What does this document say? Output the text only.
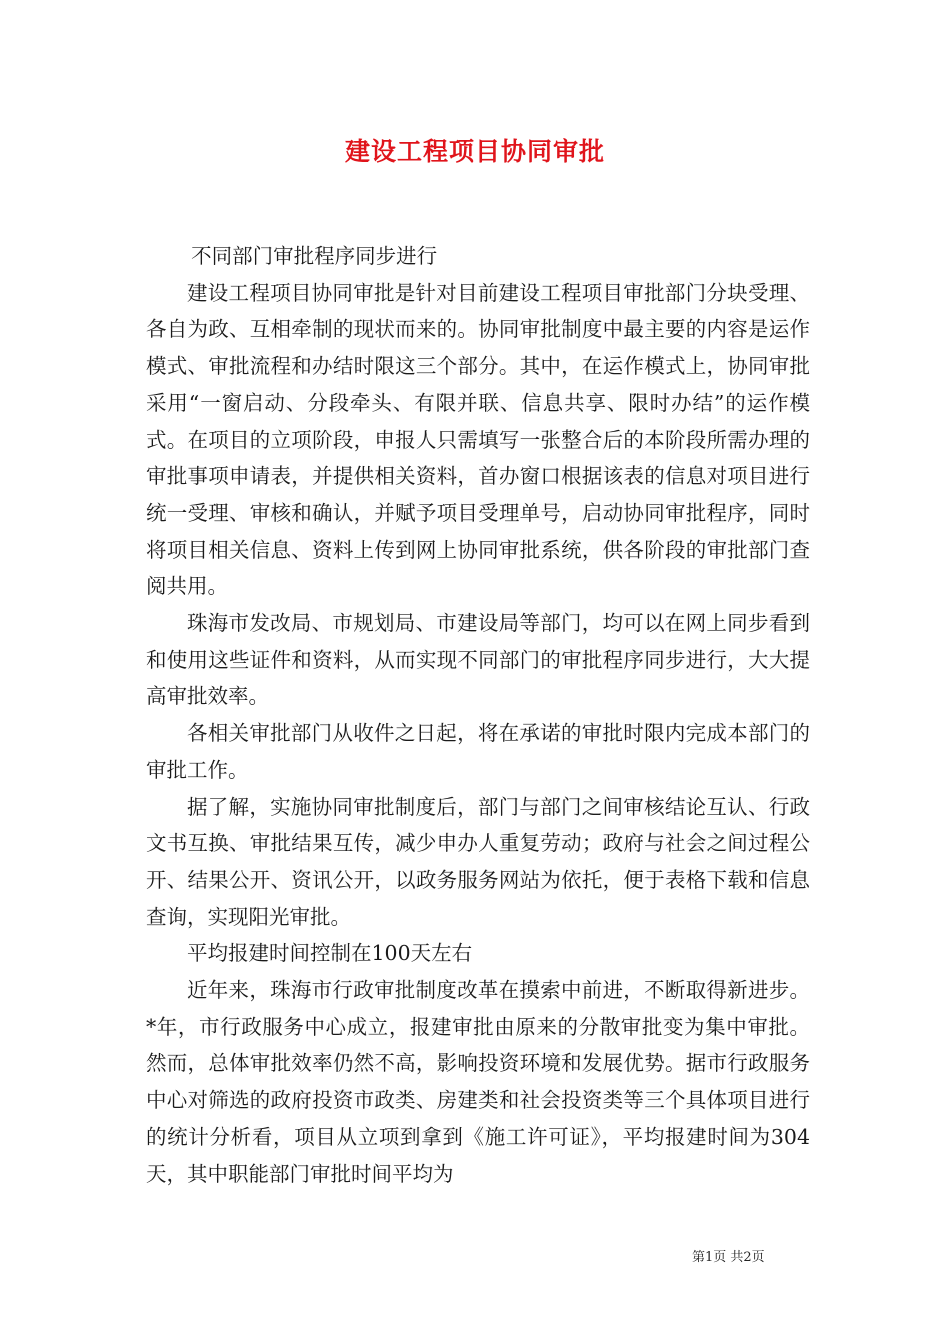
建设工程项目协同审批

不同部门审批程序同步进行

建设工程项目协同审批是针对目前建设工程项目审批部门分块受理、各自为政、互相牵制的现状而来的。协同审批制度中最主要的内容是运作模式、审批流程和办结时限这三个部分。其中，在运作模式上，协同审批采用“一窗启动、分段牵头、有限并联、信息共享、限时办结”的运作模式。在项目的立项阶段，申报人只需填写一张整合后的本阶段所需办理的审批事项申请表，并提供相关资料，首办窗口根据该表的信息对项目进行统一受理、审核和确认，并赋予项目受理单号，启动协同审批程序，同时将项目相关信息、资料上传到网上协同审批系统，供各阶段的审批部门查阅共用。

珠海市发改局、市规划局、市建设局等部门，均可以在网上同步看到和使用这些证件和资料，从而实现不同部门的审批程序同步进行，大大提高审批效率。

各相关审批部门从收件之日起，将在承诺的审批时限内完成本部门的审批工作。

据了解，实施协同审批制度后，部门与部门之间审核结论互认、行政文书互换、审批结果互传，减少申办人重复劳动；政府与社会之间过程公开、结果公开、资讯公开，以政务服务网站为依托，便于表格下载和信息查询，实现阳光审批。

平均报建时间控制在100天左右

近年来，珠海市行政审批制度改革在摸索中前进，不断取得新进步。*年，市行政服务中心成立，报建审批由原来的分散审批变为集中审批。然而，总体审批效率仍然不高，影响投资环境和发展优势。据市行政服务中心对筛选的政府投资市政类、房建类和社会投资类等三个具体项目进行的统计分析看，项目从立项到拿到《施工许可证》，平均报建时间为304天，其中职能部门审批时间平均为

第1页 共2页
